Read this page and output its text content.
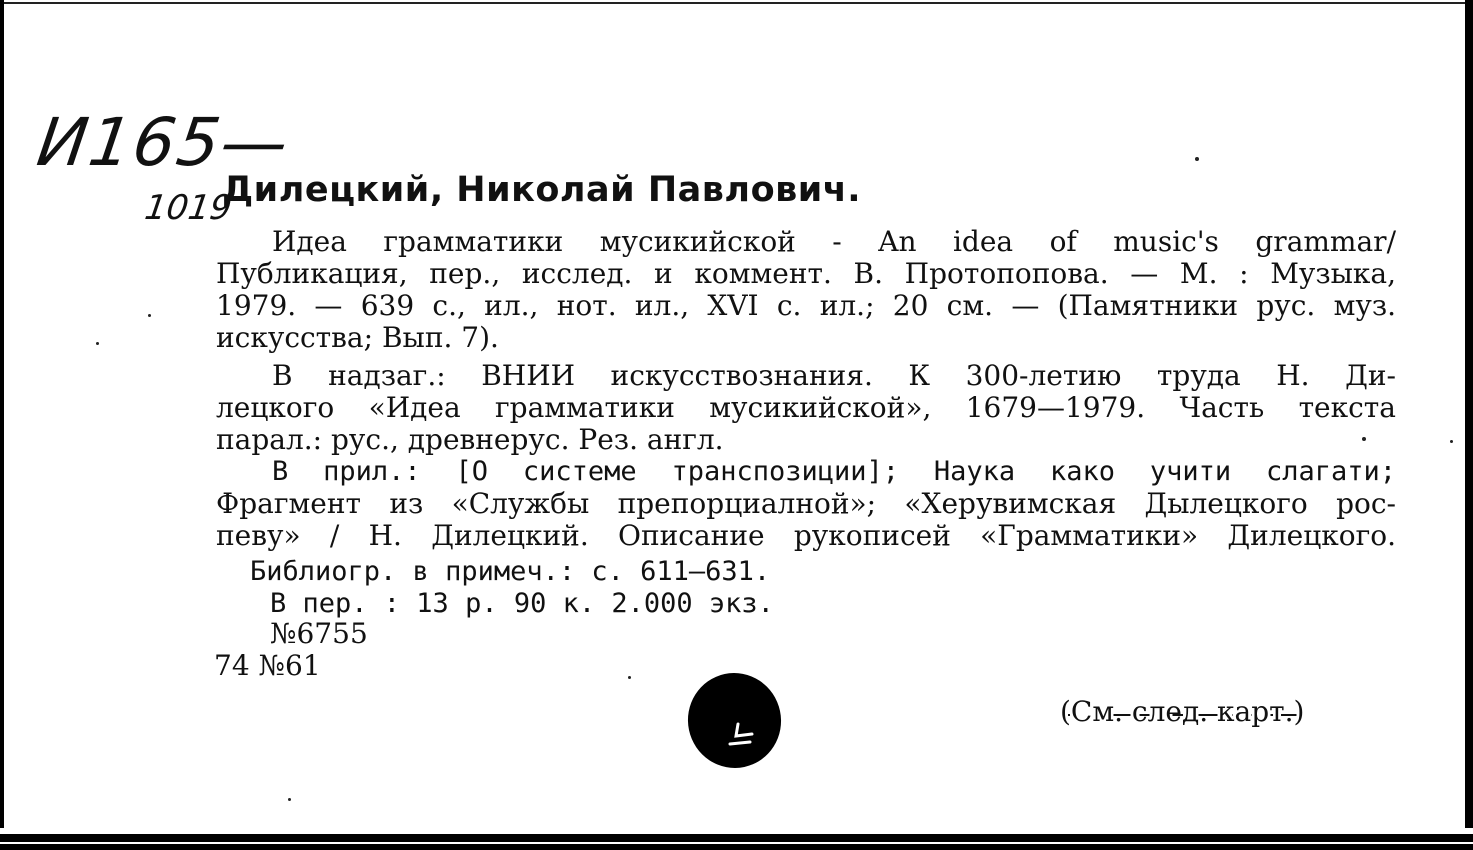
И165—
1019
Дилецкий, Николай Павлович.
Идеа грамматики мусикийской - An idea of music's grammar/
Публикация, пер., исслед. и коммент. В. Протопопова. — М. : Музыка,
1979. — 639 с., ил., нот. ил., XVI с. ил.; 20 см. — (Памятники рус. муз.
искусства; Вып. 7).
В надзаг.: ВНИИ искусствознания. К 300-летию труда Н. Ди-
лецкого «Идеа грамматики мусикийской», 1679—1979. Часть текста
парал.: рус., древнерус. Рез. англ.
В прил.: [О системе транспозиции]; Наука како учити слагати;
Фрагмент из «Службы препорциалной»; «Херувимская Дылецкого рос-
певу» / Н. Дилецкий. Описание рукописей «Грамматики» Дилецкого.
Библиогр. в примеч.: с. 611—631.
В пер. : 13 р. 90 к. 2.000 экз.
№6755
74 №61
(См. след. карт.)
